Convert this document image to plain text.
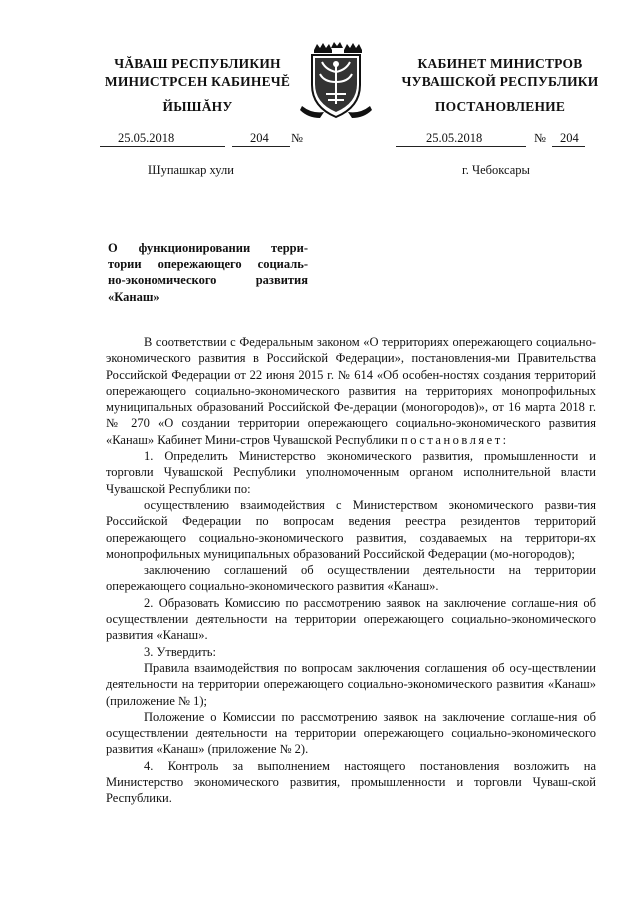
ЧĂВАШ РЕСПУБЛИКИН
МИНИСТРСЕН КАБИНЕЧĔ
ЙЫШĂНУ
КАБИНЕТ МИНИСТРОВ
ЧУВАШСКОЙ РЕСПУБЛИКИ
ПОСТАНОВЛЕНИЕ
25.05.2018	204 №	25.05.2018	№ 204
Шупашкар хули	г. Чебоксары
О функционировании терри-
тории опережающего социаль-
но-экономического развития
«Канаш»

В соответствии с Федеральным законом «О территориях опережающего социально-экономического развития в Российской Федерации», постановления-ми Правительства Российской Федерации от 22 июня 2015 г. № 614 «Об особен-ностях создания территорий опережающего социально-экономического развития на территориях монопрофильных муниципальных образований Российской Фе-дерации (моногородов)», от 16 марта 2018 г. № 270 «О создании территории опережающего социально-экономического развития «Канаш» Кабинет Мини-стров Чувашской Республики постановляет:

1. Определить Министерство экономического развития, промышленности и торговли Чувашской Республики уполномоченным органом исполнительной власти Чувашской Республики по:

осуществлению взаимодействия с Министерством экономического разви-тия Российской Федерации по вопросам ведения реестра резидентов территорий опережающего социально-экономического развития, создаваемых на территори-ях монопрофильных муниципальных образований Российской Федерации (мо-ногородов);

заключению соглашений об осуществлении деятельности на территории опережающего социально-экономического развития «Канаш».

2. Образовать Комиссию по рассмотрению заявок на заключение соглаше-ния об осуществлении деятельности на территории опережающего социально-экономического развития «Канаш».

3. Утвердить:

Правила взаимодействия по вопросам заключения соглашения об осу-ществлении деятельности на территории опережающего социально-экономического развития «Канаш» (приложение № 1);

Положение о Комиссии по рассмотрению заявок на заключение соглаше-ния об осуществлении деятельности на территории опережающего социально-экономического развития «Канаш» (приложение № 2).

4. Контроль за выполнением настоящего постановления возложить на Министерство экономического развития, промышленности и торговли Чуваш-ской Республики.
